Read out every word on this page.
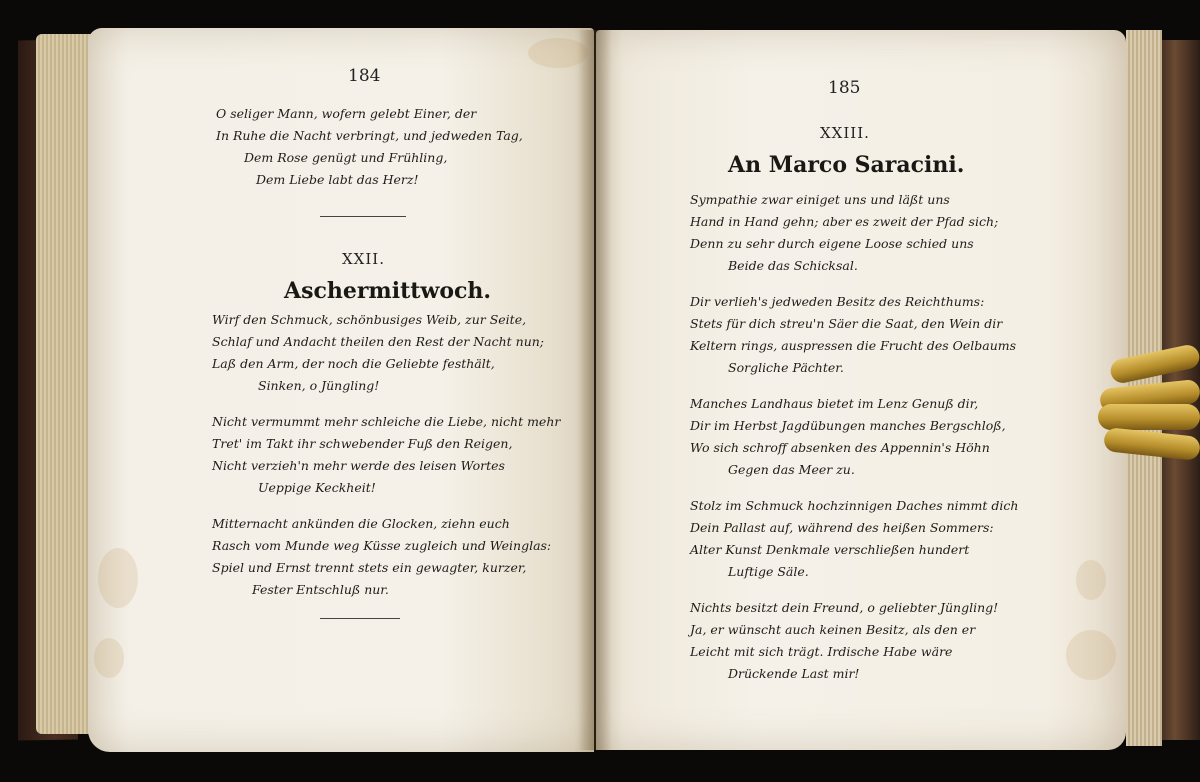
184
O seliger Mann, wofern gelebt Einer, der
In Ruhe die Nacht verbringt, und jedweden Tag,
Dem Rose genügt und Frühling,
Dem Liebe labt das Herz!
XXII.
Aschermittwoch.
Wirf den Schmuck, schönbusiges Weib, zur Seite,
Schlaf und Andacht theilen den Rest der Nacht nun;
Laß den Arm, der noch die Geliebte festhält,
Sinken, o Jüngling!
Nicht vermummt mehr schleiche die Liebe, nicht mehr
Tret' im Takt ihr schwebender Fuß den Reigen,
Nicht verzieh'n mehr werde des leisen Wortes
Ueppige Keckheit!
Mitternacht ankünden die Glocken, ziehn euch
Rasch vom Munde weg Küsse zugleich und Weinglas:
Spiel und Ernst trennt stets ein gewagter, kurzer,
Fester Entschluß nur.
185
XXIII.
An Marco Saracini.
Sympathie zwar einiget uns und läßt uns
Hand in Hand gehn; aber es zweit der Pfad sich;
Denn zu sehr durch eigene Loose schied uns
Beide das Schicksal.
Dir verlieh's jedweden Besitz des Reichthums:
Stets für dich streu'n Säer die Saat, den Wein dir
Keltern rings, auspressen die Frucht des Oelbaums
Sorgliche Pächter.
Manches Landhaus bietet im Lenz Genuß dir,
Dir im Herbst Jagdübungen manches Bergschloß,
Wo sich schroff absenken des Appennin's Höhn
Gegen das Meer zu.
Stolz im Schmuck hochzinnigen Daches nimmt dich
Dein Pallast auf, während des heißen Sommers:
Alter Kunst Denkmale verschließen hundert
Luftige Säle.
Nichts besitzt dein Freund, o geliebter Jüngling!
Ja, er wünscht auch keinen Besitz, als den er
Leicht mit sich trägt. Irdische Habe wäre
Drückende Last mir!
